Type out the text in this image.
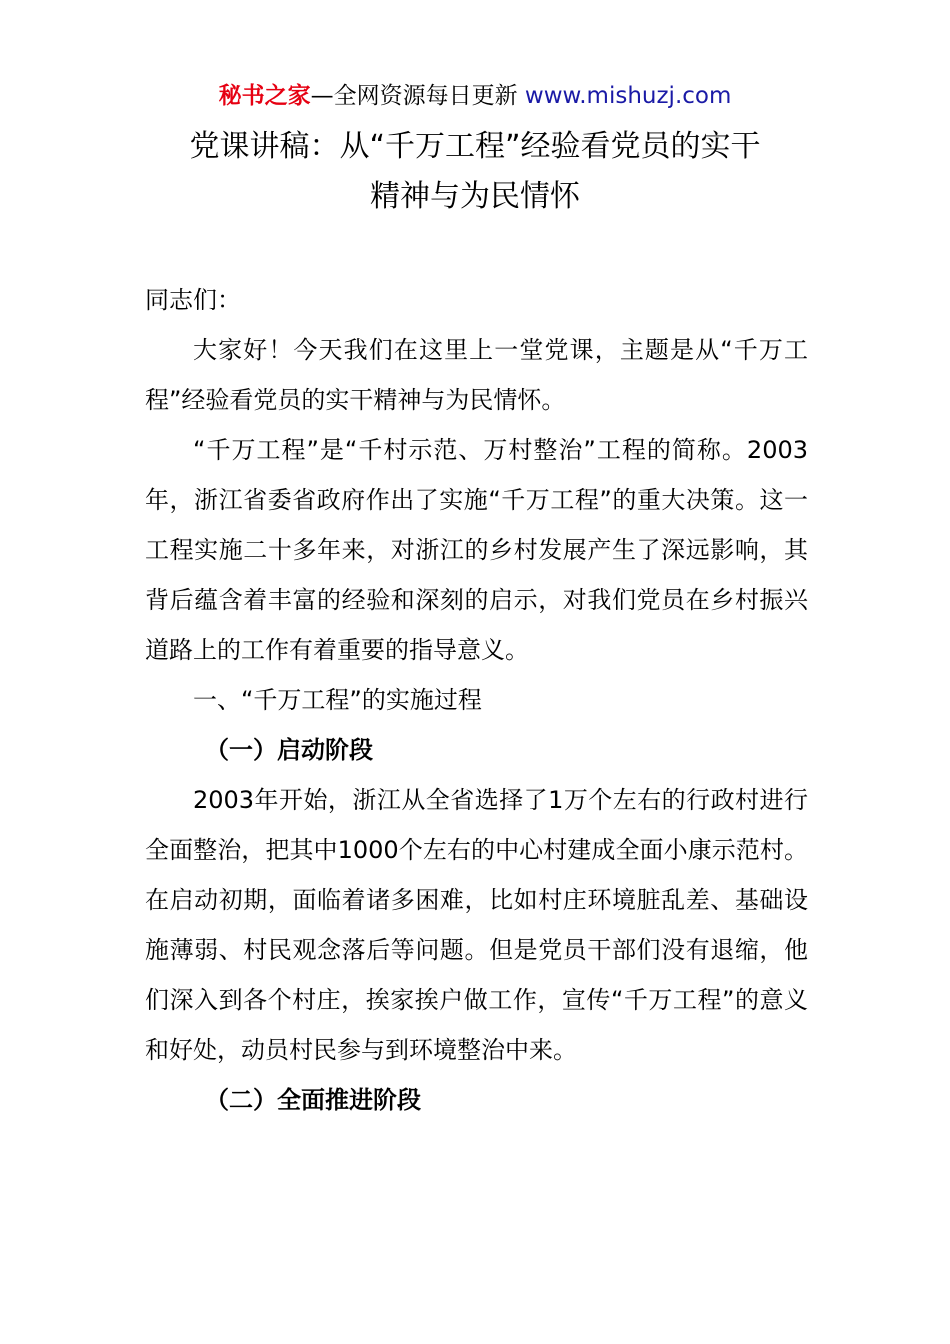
秘书之家—全网资源每日更新 www.mishuzj.com
党课讲稿：从“千万工程”经验看党员的实干
精神与为民情怀

同志们：

大家好！今天我们在这里上一堂党课，主题是从“千万工程”经验看党员的实干精神与为民情怀。

“千万工程”是“千村示范、万村整治”工程的简称。2003年，浙江省委省政府作出了实施“千万工程”的重大决策。这一工程实施二十多年来，对浙江的乡村发展产生了深远影响，其背后蕴含着丰富的经验和深刻的启示，对我们党员在乡村振兴道路上的工作有着重要的指导意义。

一、“千万工程”的实施过程

（一）启动阶段

2003年开始，浙江从全省选择了1万个左右的行政村进行全面整治，把其中1000个左右的中心村建成全面小康示范村。在启动初期，面临着诸多困难，比如村庄环境脏乱差、基础设施薄弱、村民观念落后等问题。但是党员干部们没有退缩，他们深入到各个村庄，挨家挨户做工作，宣传“千万工程”的意义和好处，动员村民参与到环境整治中来。

（二）全面推进阶段
